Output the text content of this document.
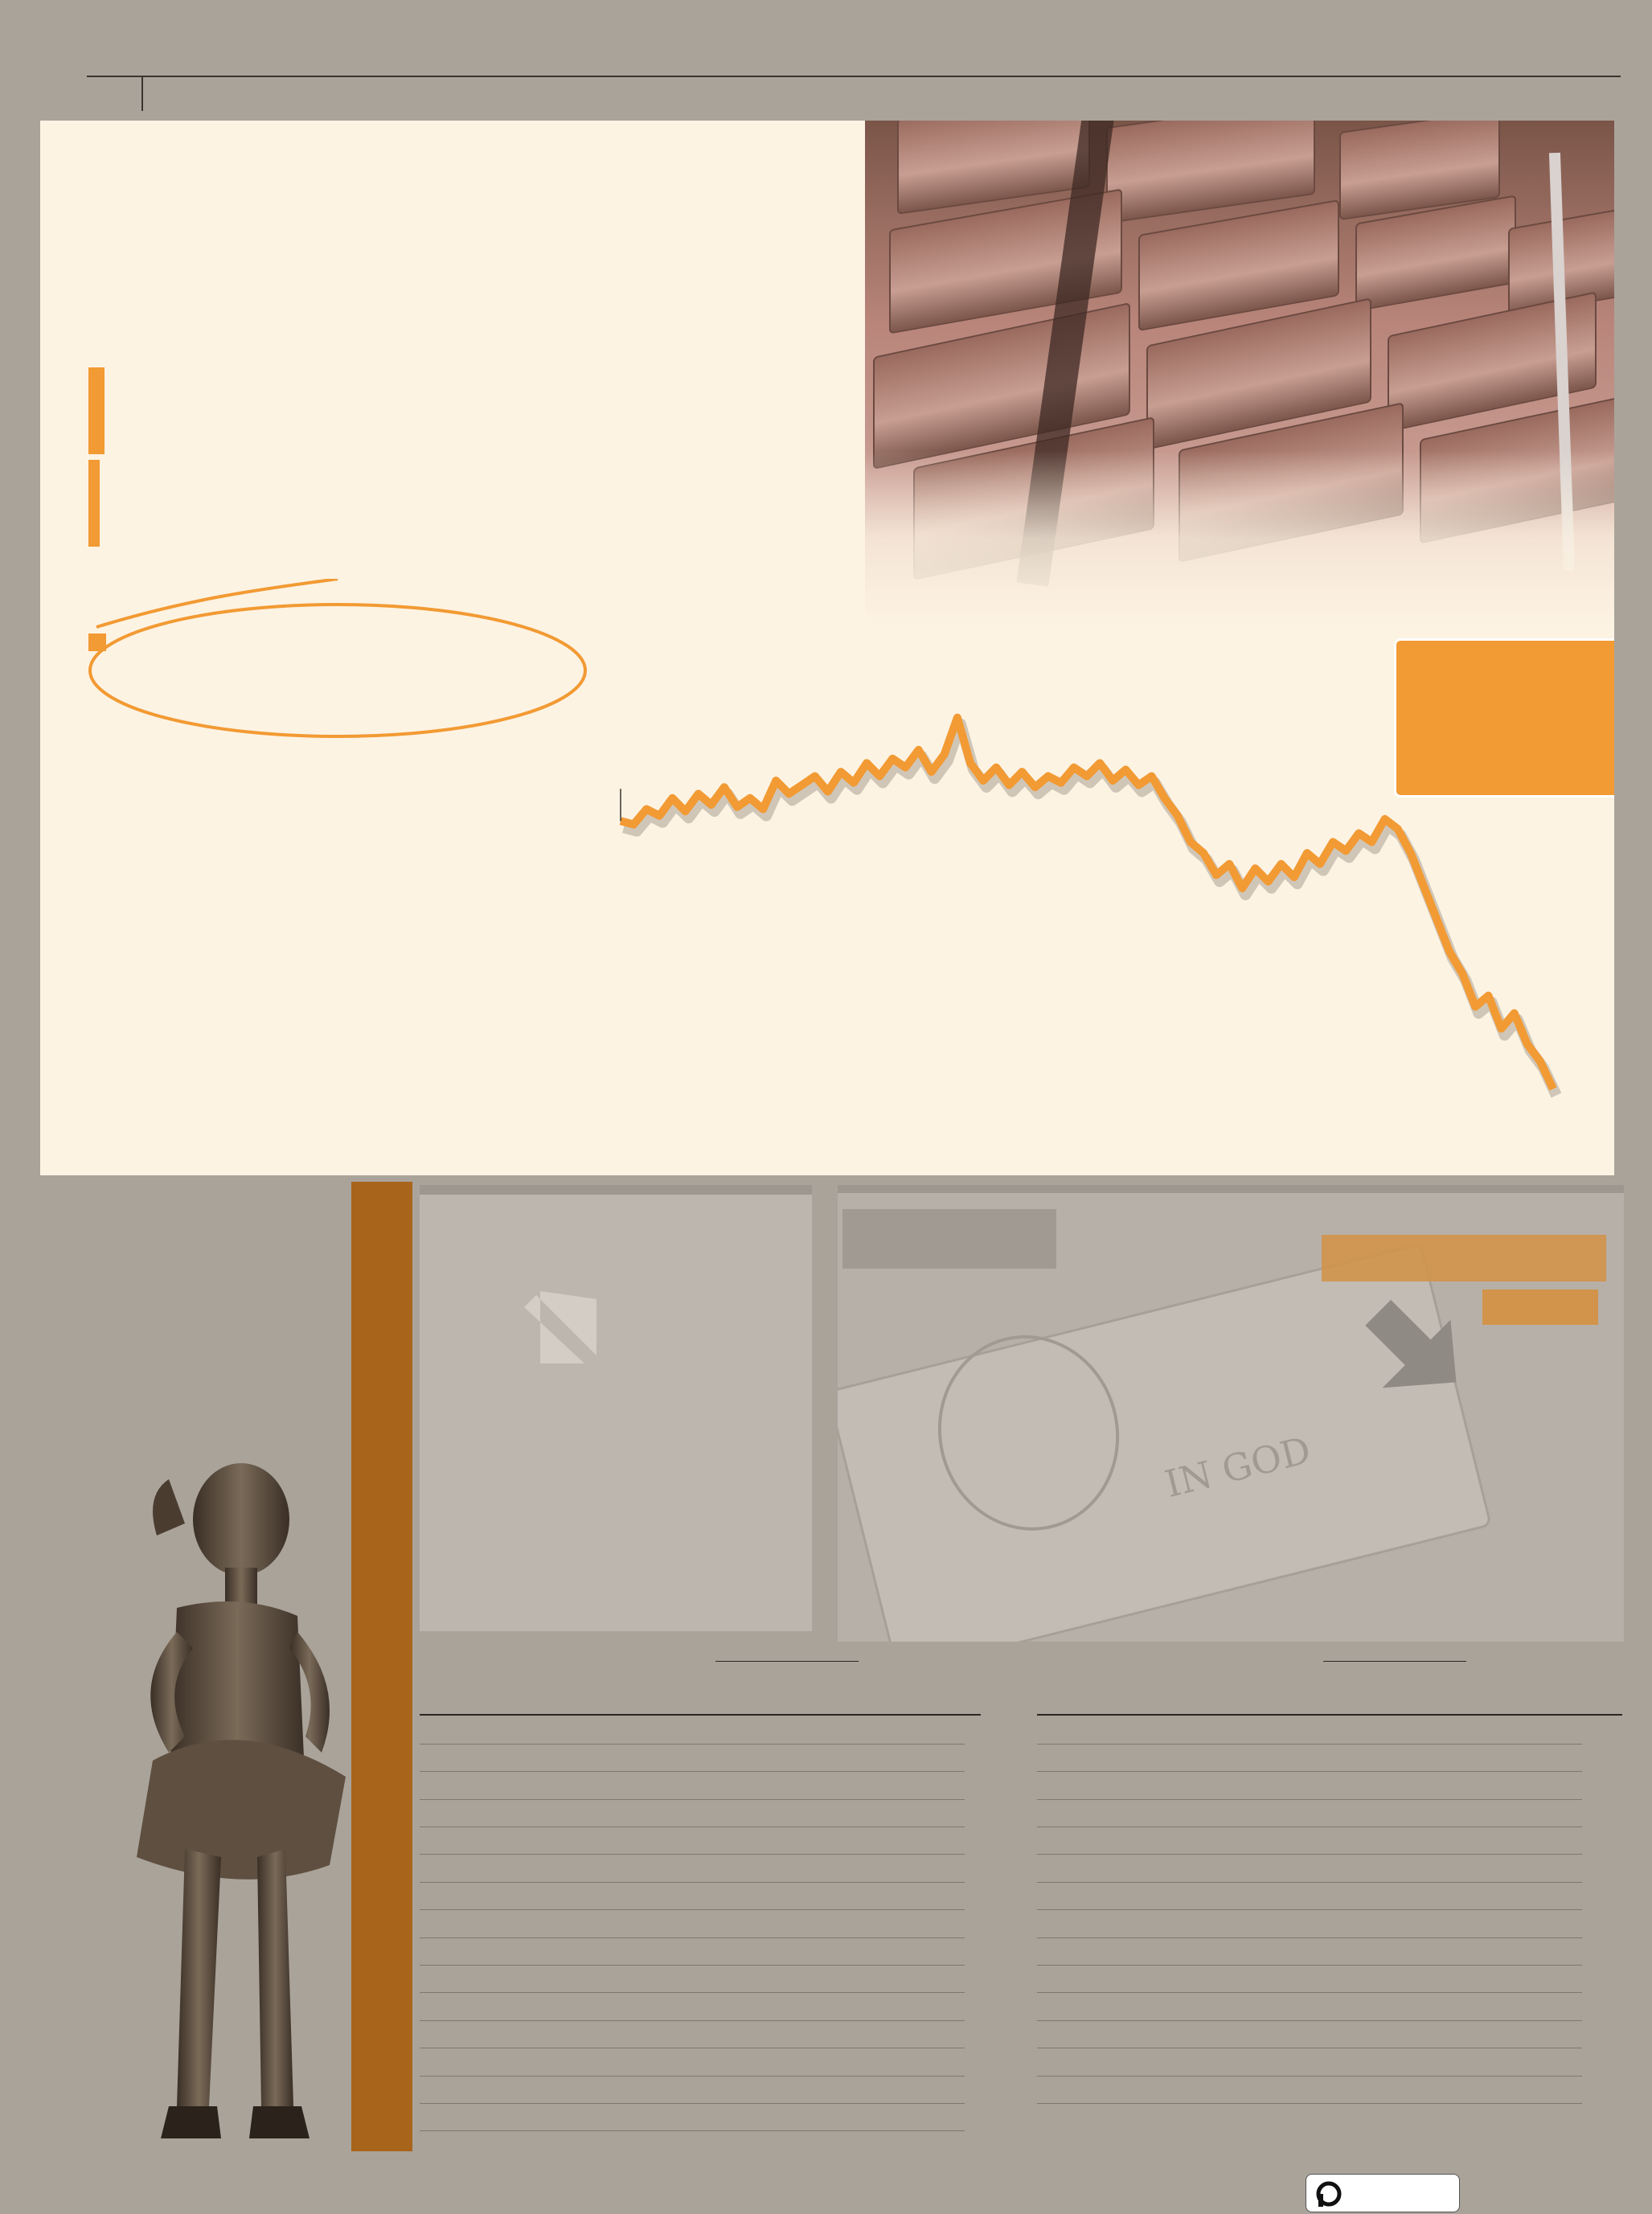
IN GOD
